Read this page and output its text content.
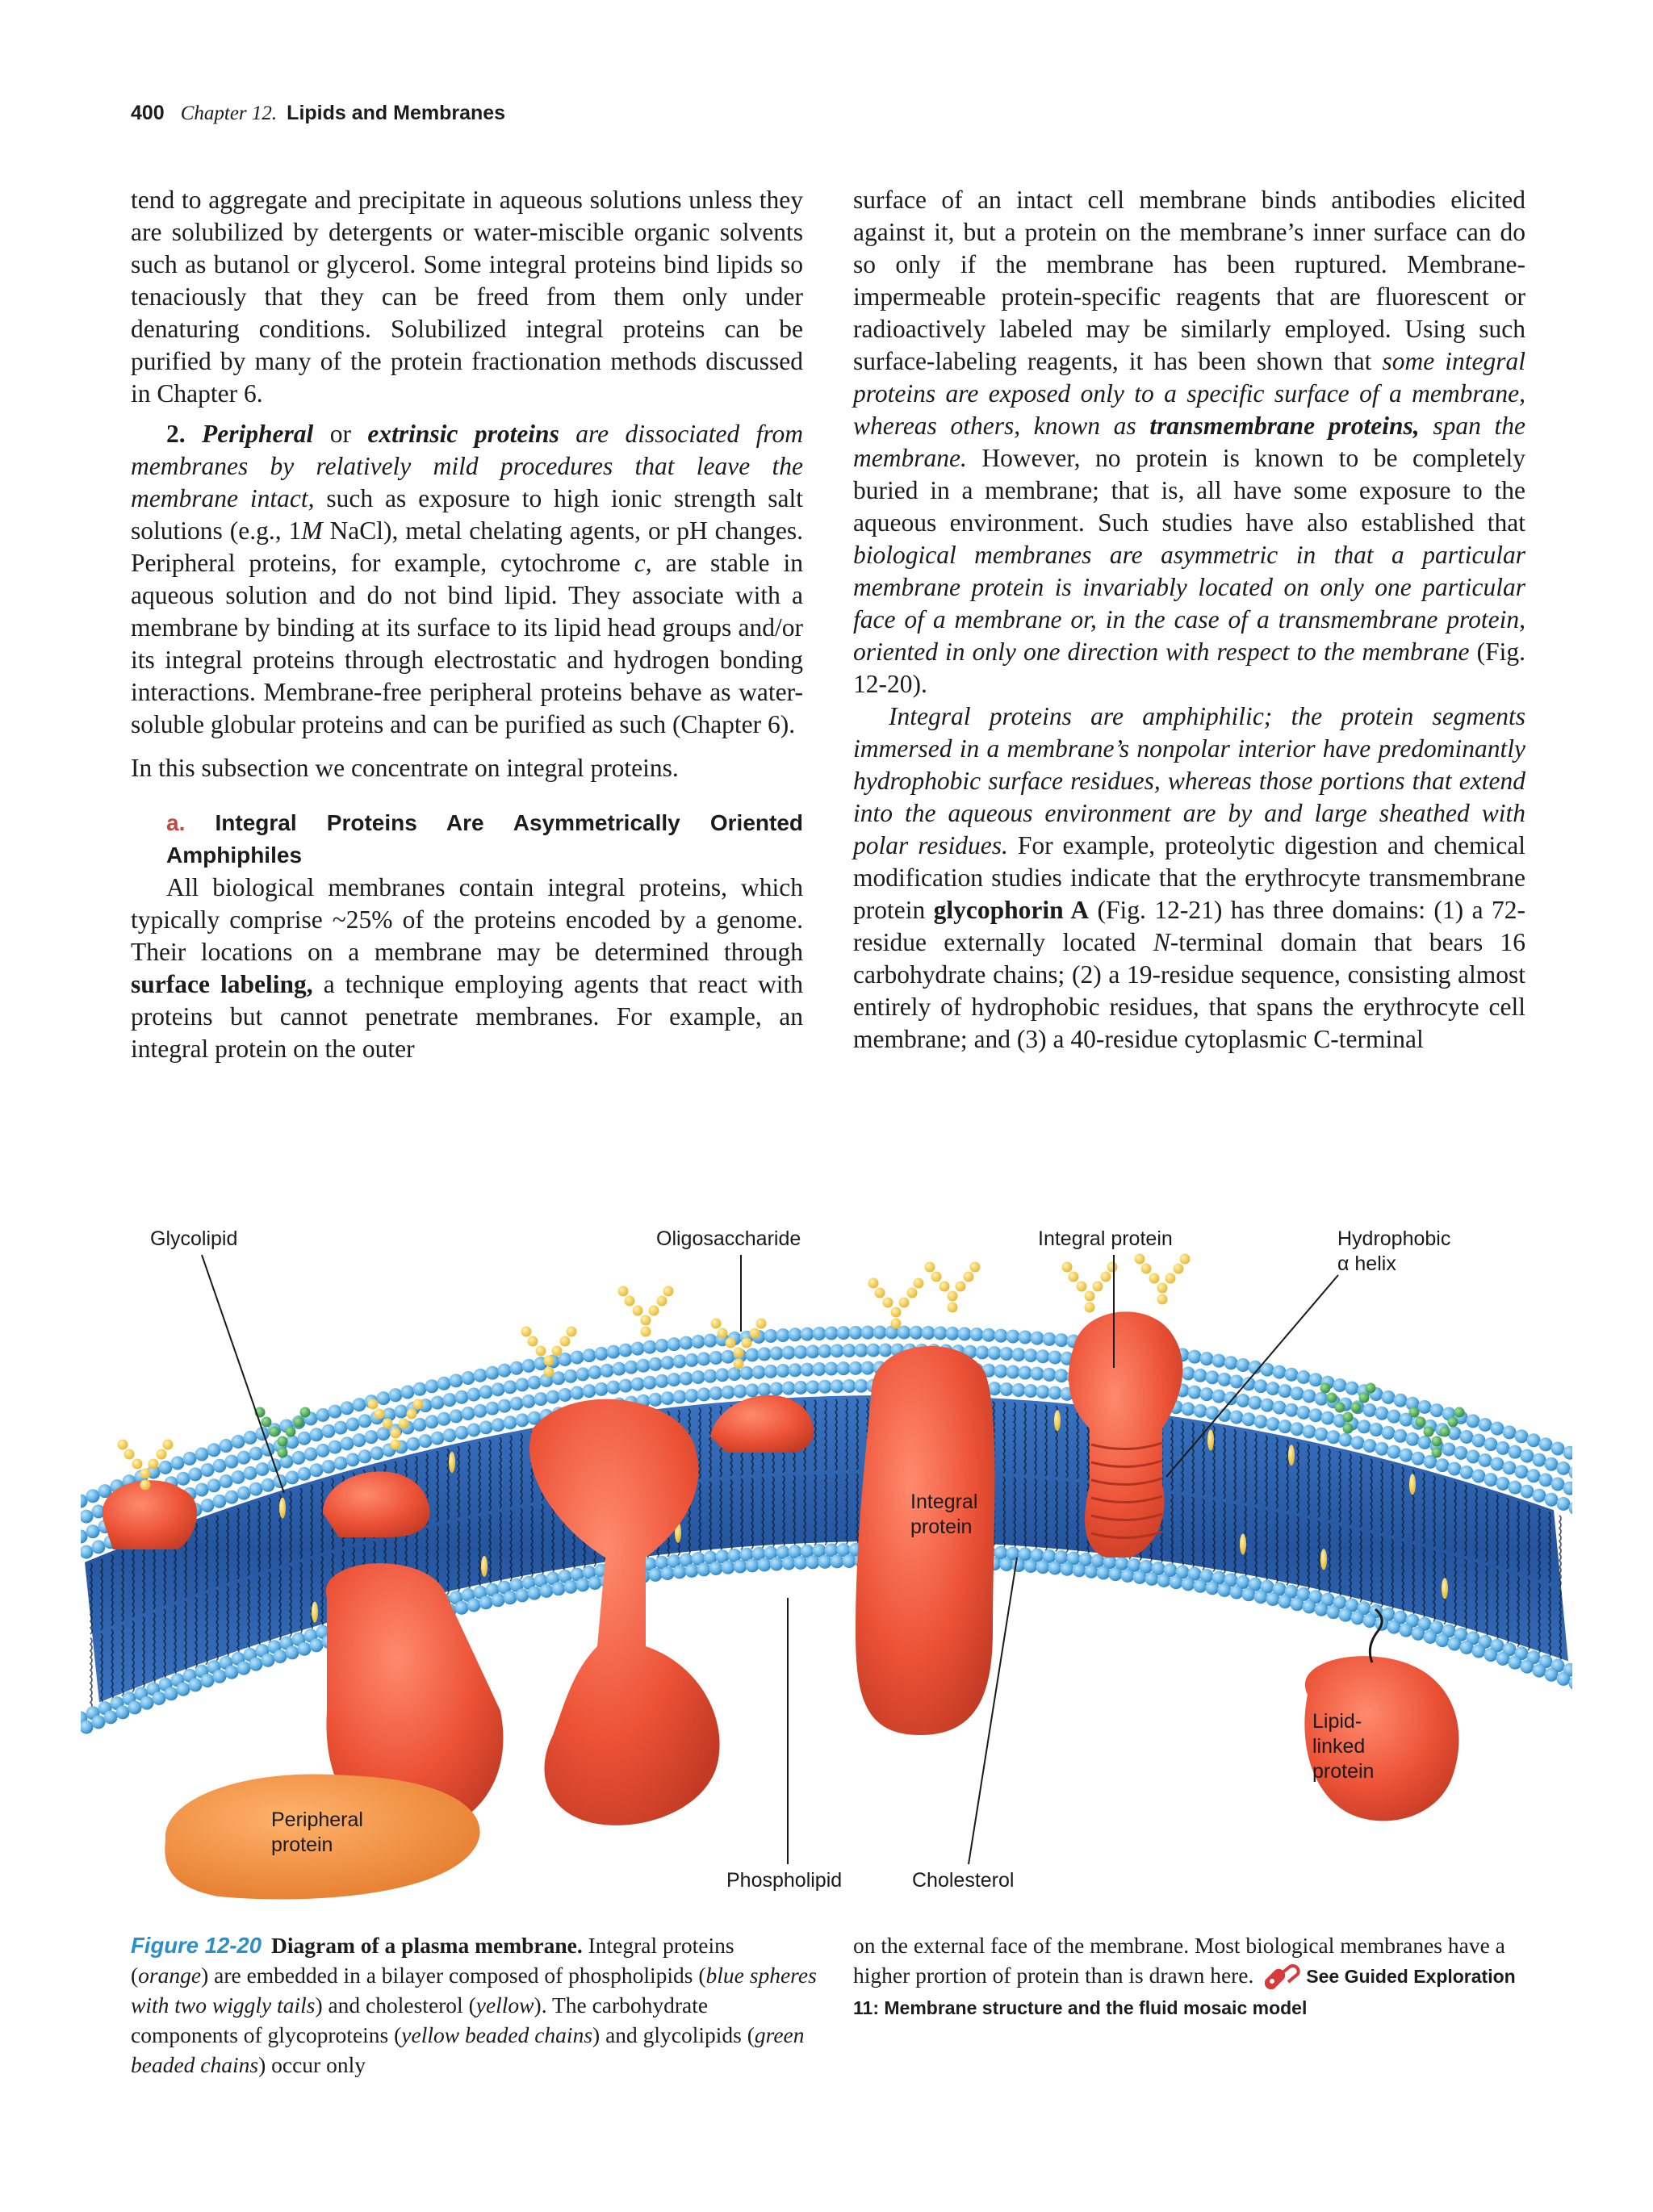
400 Chapter 12. Lipids and Membranes

tend to aggregate and precipitate in aqueous solutions unless they are solubilized by detergents or water-miscible organic solvents such as butanol or glycerol. Some integral proteins bind lipids so tenaciously that they can be freed from them only under denaturing conditions. Solubilized integral proteins can be purified by many of the protein fractionation methods discussed in Chapter 6.

2. Peripheral or extrinsic proteins are dissociated from membranes by relatively mild procedures that leave the membrane intact, such as exposure to high ionic strength salt solutions (e.g., 1M NaCl), metal chelating agents, or pH changes. Peripheral proteins, for example, cytochrome c, are stable in aqueous solution and do not bind lipid. They associate with a membrane by binding at its surface to its lipid head groups and/or its integral proteins through electrostatic and hydrogen bonding interactions. Membrane-free peripheral proteins behave as water-soluble globular proteins and can be purified as such (Chapter 6).

In this subsection we concentrate on integral proteins.

a. Integral Proteins Are Asymmetrically Oriented Amphiphiles

All biological membranes contain integral proteins, which typically comprise ~25% of the proteins encoded by a genome. Their locations on a membrane may be determined through surface labeling, a technique employing agents that react with proteins but cannot penetrate membranes. For example, an integral protein on the outer

surface of an intact cell membrane binds antibodies elicited against it, but a protein on the membrane’s inner surface can do so only if the membrane has been ruptured. Membrane-impermeable protein-specific reagents that are fluorescent or radioactively labeled may be similarly employed. Using such surface-labeling reagents, it has been shown that some integral proteins are exposed only to a specific surface of a membrane, whereas others, known as transmembrane proteins, span the membrane. However, no protein is known to be completely buried in a membrane; that is, all have some exposure to the aqueous environment. Such studies have also established that biological membranes are asymmetric in that a particular membrane protein is invariably located on only one particular face of a membrane or, in the case of a transmembrane protein, oriented in only one direction with respect to the membrane (Fig. 12-20).

Integral proteins are amphiphilic; the protein segments immersed in a membrane’s nonpolar interior have predominantly hydrophobic surface residues, whereas those portions that extend into the aqueous environment are by and large sheathed with polar residues. For example, proteolytic digestion and chemical modification studies indicate that the erythrocyte transmembrane protein glycophorin A (Fig. 12-21) has three domains: (1) a 72-residue externally located N-terminal domain that bears 16 carbohydrate chains; (2) a 19-residue sequence, consisting almost entirely of hydrophobic residues, that spans the erythrocyte cell membrane; and (3) a 40-residue cytoplasmic C-terminal

Glycolipid	Oligosaccharide	Integral protein	Hydrophobic
α helix
Integral
protein
Lipid-
linked
protein
Peripheral
protein
Phospholipid	Cholesterol

Figure 12-20 Diagram of a plasma membrane. Integral proteins (orange) are embedded in a bilayer composed of phospholipids (blue spheres with two wiggly tails) and cholesterol (yellow). The carbohydrate components of glycoproteins (yellow beaded chains) and glycolipids (green beaded chains) occur only

on the external face of the membrane. Most biological membranes have a higher prortion of protein than is drawn here.	See Guided Exploration 11: Membrane structure and the fluid mosaic model
